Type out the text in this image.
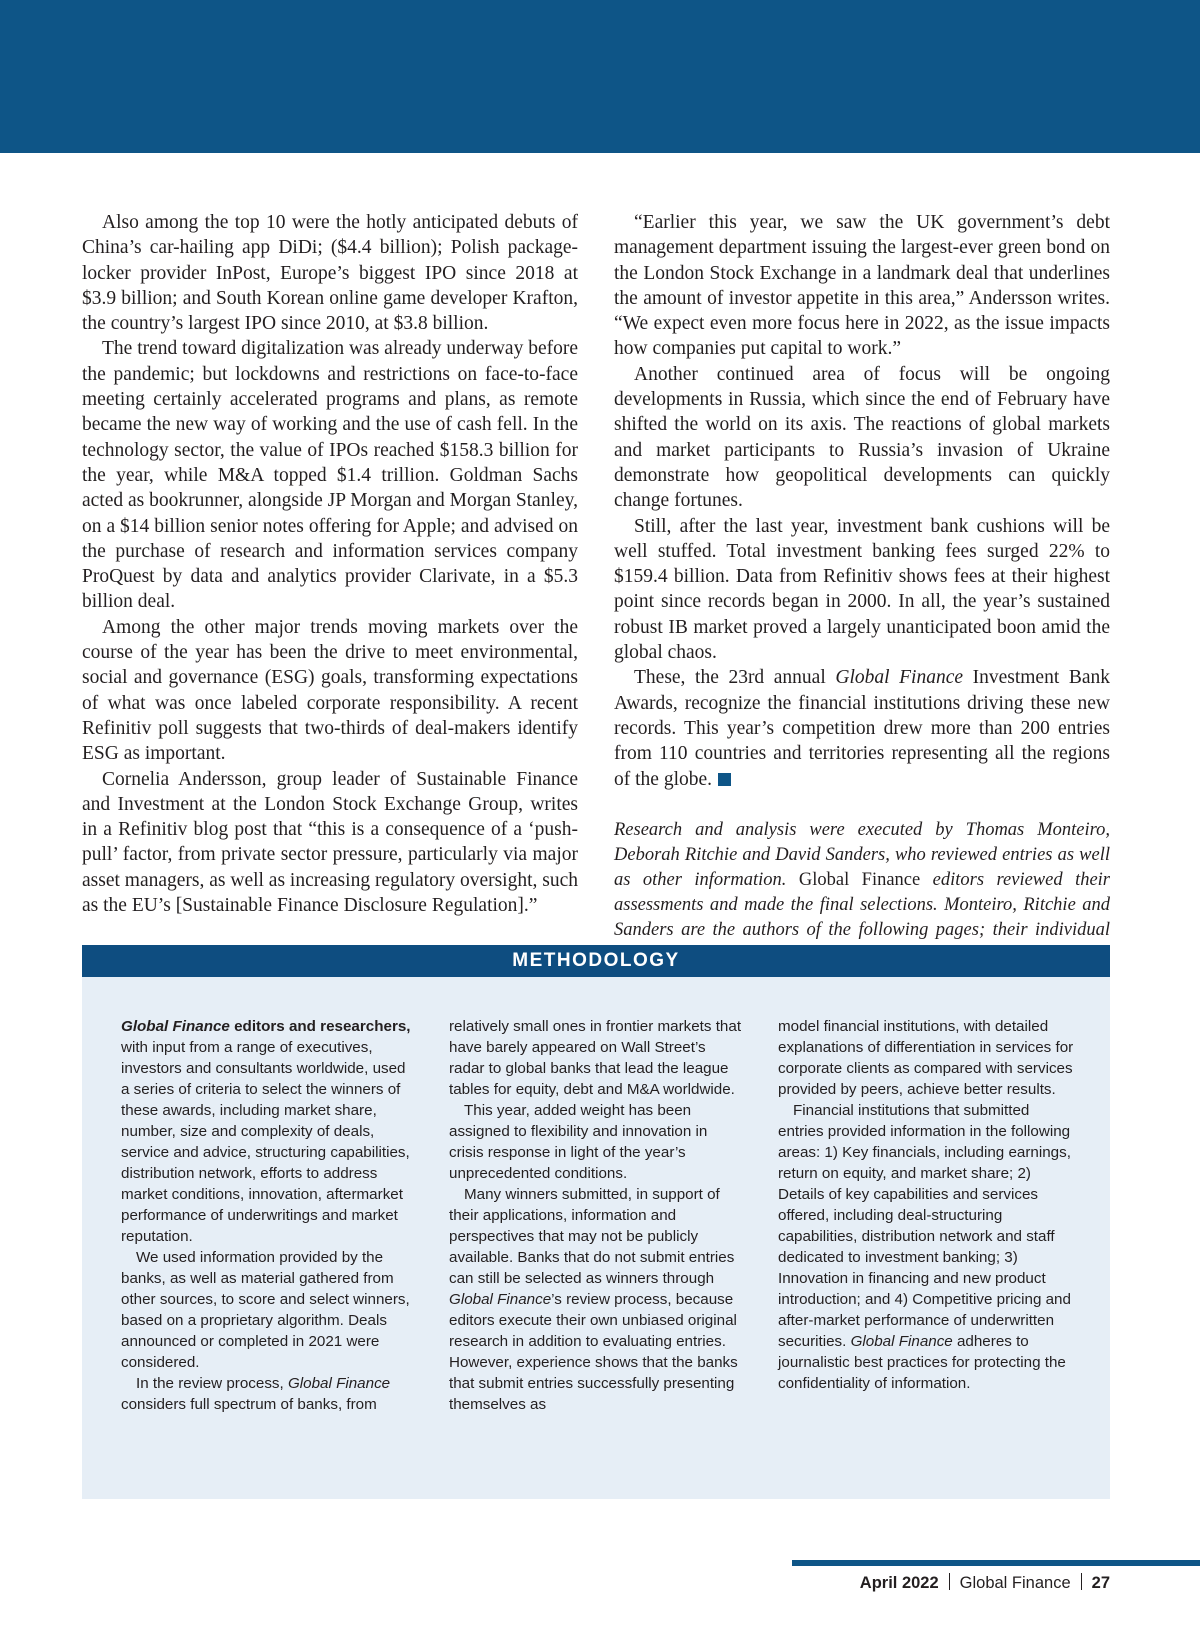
Also among the top 10 were the hotly anticipated debuts of China’s car-hailing app DiDi; ($4.4 billion); Polish package-locker provider InPost, Europe’s biggest IPO since 2018 at $3.9 billion; and South Korean online game developer Krafton, the country’s largest IPO since 2010, at $3.8 billion.

The trend toward digitalization was already underway before the pandemic; but lockdowns and restrictions on face-to-face meeting certainly accelerated programs and plans, as remote became the new way of working and the use of cash fell. In the technology sector, the value of IPOs reached $158.3 billion for the year, while M&A topped $1.4 trillion. Goldman Sachs acted as bookrunner, alongside JP Morgan and Morgan Stanley, on a $14 billion senior notes offering for Apple; and advised on the purchase of research and information services company ProQuest by data and analytics provider Clarivate, in a $5.3 billion deal.

Among the other major trends moving markets over the course of the year has been the drive to meet environmental, social and governance (ESG) goals, transforming expectations of what was once labeled corporate responsibility. A recent Refinitiv poll suggests that two-thirds of deal-makers identify ESG as important.

Cornelia Andersson, group leader of Sustainable Finance and Investment at the London Stock Exchange Group, writes in a Refinitiv blog post that “this is a consequence of a ‘push-pull’ factor, from private sector pressure, particularly via major asset managers, as well as increasing regulatory oversight, such as the EU’s [Sustainable Finance Disclosure Regulation].”

“Earlier this year, we saw the UK government’s debt management department issuing the largest-ever green bond on the London Stock Exchange in a landmark deal that underlines the amount of investor appetite in this area,” Andersson writes. “We expect even more focus here in 2022, as the issue impacts how companies put capital to work.”

Another continued area of focus will be ongoing developments in Russia, which since the end of February have shifted the world on its axis. The reactions of global markets and market participants to Russia’s invasion of Ukraine demonstrate how geopolitical developments can quickly change fortunes.

Still, after the last year, investment bank cushions will be well stuffed. Total investment banking fees surged 22% to $159.4 billion. Data from Refinitiv shows fees at their highest point since records began in 2000. In all, the year’s sustained robust IB market proved a largely unanticipated boon amid the global chaos.

These, the 23rd annual Global Finance Investment Bank Awards, recognize the financial institutions driving these new records. This year’s competition drew more than 200 entries from 110 countries and territories representing all the regions of the globe.

Research and analysis were executed by Thomas Monteiro, Deborah Ritchie and David Sanders, who reviewed entries as well as other information. Global Finance editors reviewed their assessments and made the final selections. Monteiro, Ritchie and Sanders are the authors of the following pages; their individual

METHODOLOGY

Global Finance editors and researchers, with input from a range of executives, investors and consultants worldwide, used a series of criteria to select the winners of these awards, including market share, number, size and complexity of deals, service and advice, structuring capabilities, distribution network, efforts to address market conditions, innovation, aftermarket performance of underwritings and market reputation.

We used information provided by the banks, as well as material gathered from other sources, to score and select winners, based on a proprietary algorithm. Deals announced or completed in 2021 were considered.

In the review process, Global Finance considers full spectrum of banks, from

relatively small ones in frontier markets that have barely appeared on Wall Street’s radar to global banks that lead the league tables for equity, debt and M&A worldwide.

This year, added weight has been assigned to flexibility and innovation in crisis response in light of the year’s unprecedented conditions.

Many winners submitted, in support of their applications, information and perspectives that may not be publicly available. Banks that do not submit entries can still be selected as winners through Global Finance’s review process, because editors execute their own unbiased original research in addition to evaluating entries. However, experience shows that the banks that submit entries successfully presenting themselves as

model financial institutions, with detailed explanations of differentiation in services for corporate clients as compared with services provided by peers, achieve better results.

Financial institutions that submitted entries provided information in the following areas: 1) Key financials, including earnings, return on equity, and market share; 2) Details of key capabilities and services offered, including deal-structuring capabilities, distribution network and staff dedicated to investment banking; 3) Innovation in financing and new product introduction; and 4) Competitive pricing and after-market performance of underwritten securities. Global Finance adheres to journalistic best practices for protecting the confidentiality of information.

April 2022 Global Finance 27
